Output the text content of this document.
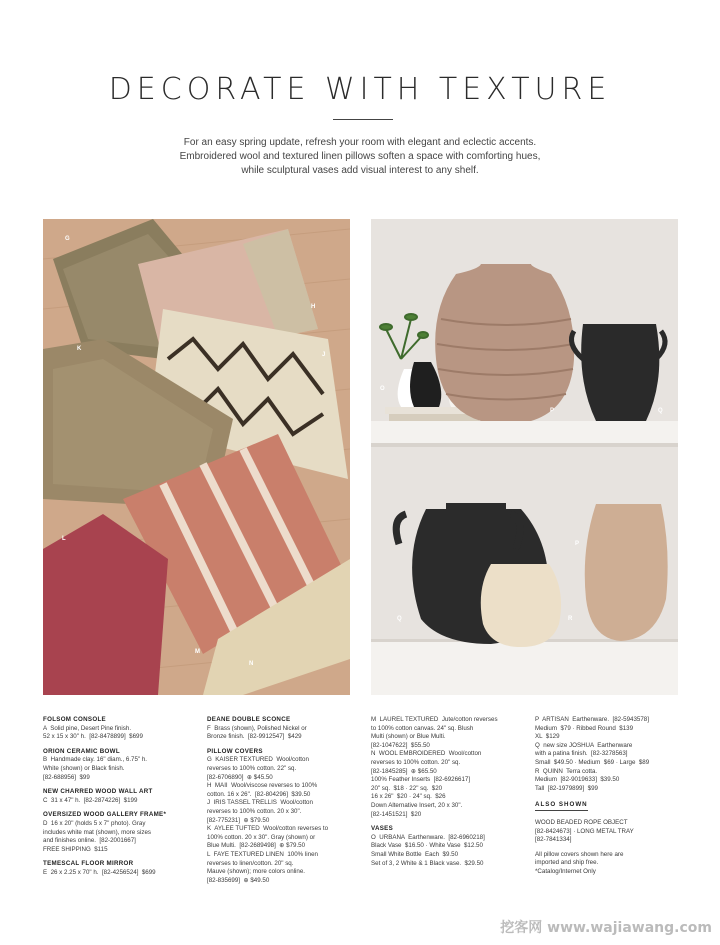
DECORATE WITH TEXTURE
For an easy spring update, refresh your room with elegant and eclectic accents.
Embroidered wool and textured linen pillows soften a space with comforting hues,
while sculptural vases add visual interest to any shelf.
G
H
K
J
L
M
N
O
P	Q
P
Q	R
FOLSOM CONSOLE
A  Solid pine, Desert Pine finish.
52 x 15 x 30" h.  [82-8478899]  $699
ORION CERAMIC BOWL
B  Handmade clay. 16" diam., 6.75" h.
White (shown) or Black finish.
[82-688956]  $99
NEW CHARRED WOOD WALL ART
C  31 x 47" h.  [82-2874226]  $199
OVERSIZED WOOD GALLERY FRAME*
D  16 x 20" (holds 5 x 7" photo). Gray
includes white mat (shown), more sizes
and finishes online.  [82-2001667]
FREE SHIPPING  $115
TEMESCAL FLOOR MIRROR
E  26 x 2.25 x 70" h.  [82-4256524]  $699
DEANE DOUBLE SCONCE
F  Brass (shown), Polished Nickel or
Bronze finish.  [82-9912547]  $429
PILLOW COVERS
G  KAISER TEXTURED  Wool/cotton
reverses to 100% cotton. 22" sq.
[82-6706890]  ⊕ $45.50
H  MAII  Wool/viscose reverses to 100%
cotton. 16 x 26".  [82-804296]  $39.50
J  IRIS TASSEL TRELLIS  Wool/cotton
reverses to 100% cotton. 20 x 30".
[82-775231]  ⊕ $79.50
K  AYLEE TUFTED  Wool/cotton reverses to
100% cotton. 20 x 30". Gray (shown) or
Blue Multi.  [82-2689498]  ⊕ $79.50
L  FAYE TEXTURED LINEN  100% linen
reverses to linen/cotton. 20" sq.
Mauve (shown); more colors online.
[82-835699]  ⊕ $49.50
M  LAUREL TEXTURED  Jute/cotton reverses
to 100% cotton canvas. 24" sq. Blush
Multi (shown) or Blue Multi.
[82-1047622]  $55.50
N  WOOL EMBROIDERED  Wool/cotton
reverses to 100% cotton. 20" sq.
[82-1845285]  ⊕ $65.50
100% Feather Inserts  [82-6926617]
20" sq.  $18 · 22" sq.  $20
16 x 26"  $20 · 24" sq.  $26
Down Alternative Insert, 20 x 30".
[82-1451521]  $20
VASES
O  URBANA  Earthenware.  [82-6960218]
Black Vase  $16.50 · White Vase  $12.50
Small White Bottle  Each  $9.50
Set of 3, 2 White & 1 Black vase.  $29.50
P  ARTISAN  Earthenware.  [82-5943578]
Medium  $79 · Ribbed Round  $139
XL  $129
Q  new size JOSHUA  Earthenware
with a patina finish.  [82-3278563]
Small  $49.50 · Medium  $69 · Large  $89
R  QUINN  Terra cotta.
Medium  [82-9019633]  $39.50
Tall  [82-1979899]  $99
ALSO SHOWN
WOOD BEADED ROPE OBJECT
[82-8424673] · LONG METAL TRAY
[82-7841334]
All pillow covers shown here are
imported and ship free.
*Catalog/Internet Only
挖客网 www.wajiawang.com
